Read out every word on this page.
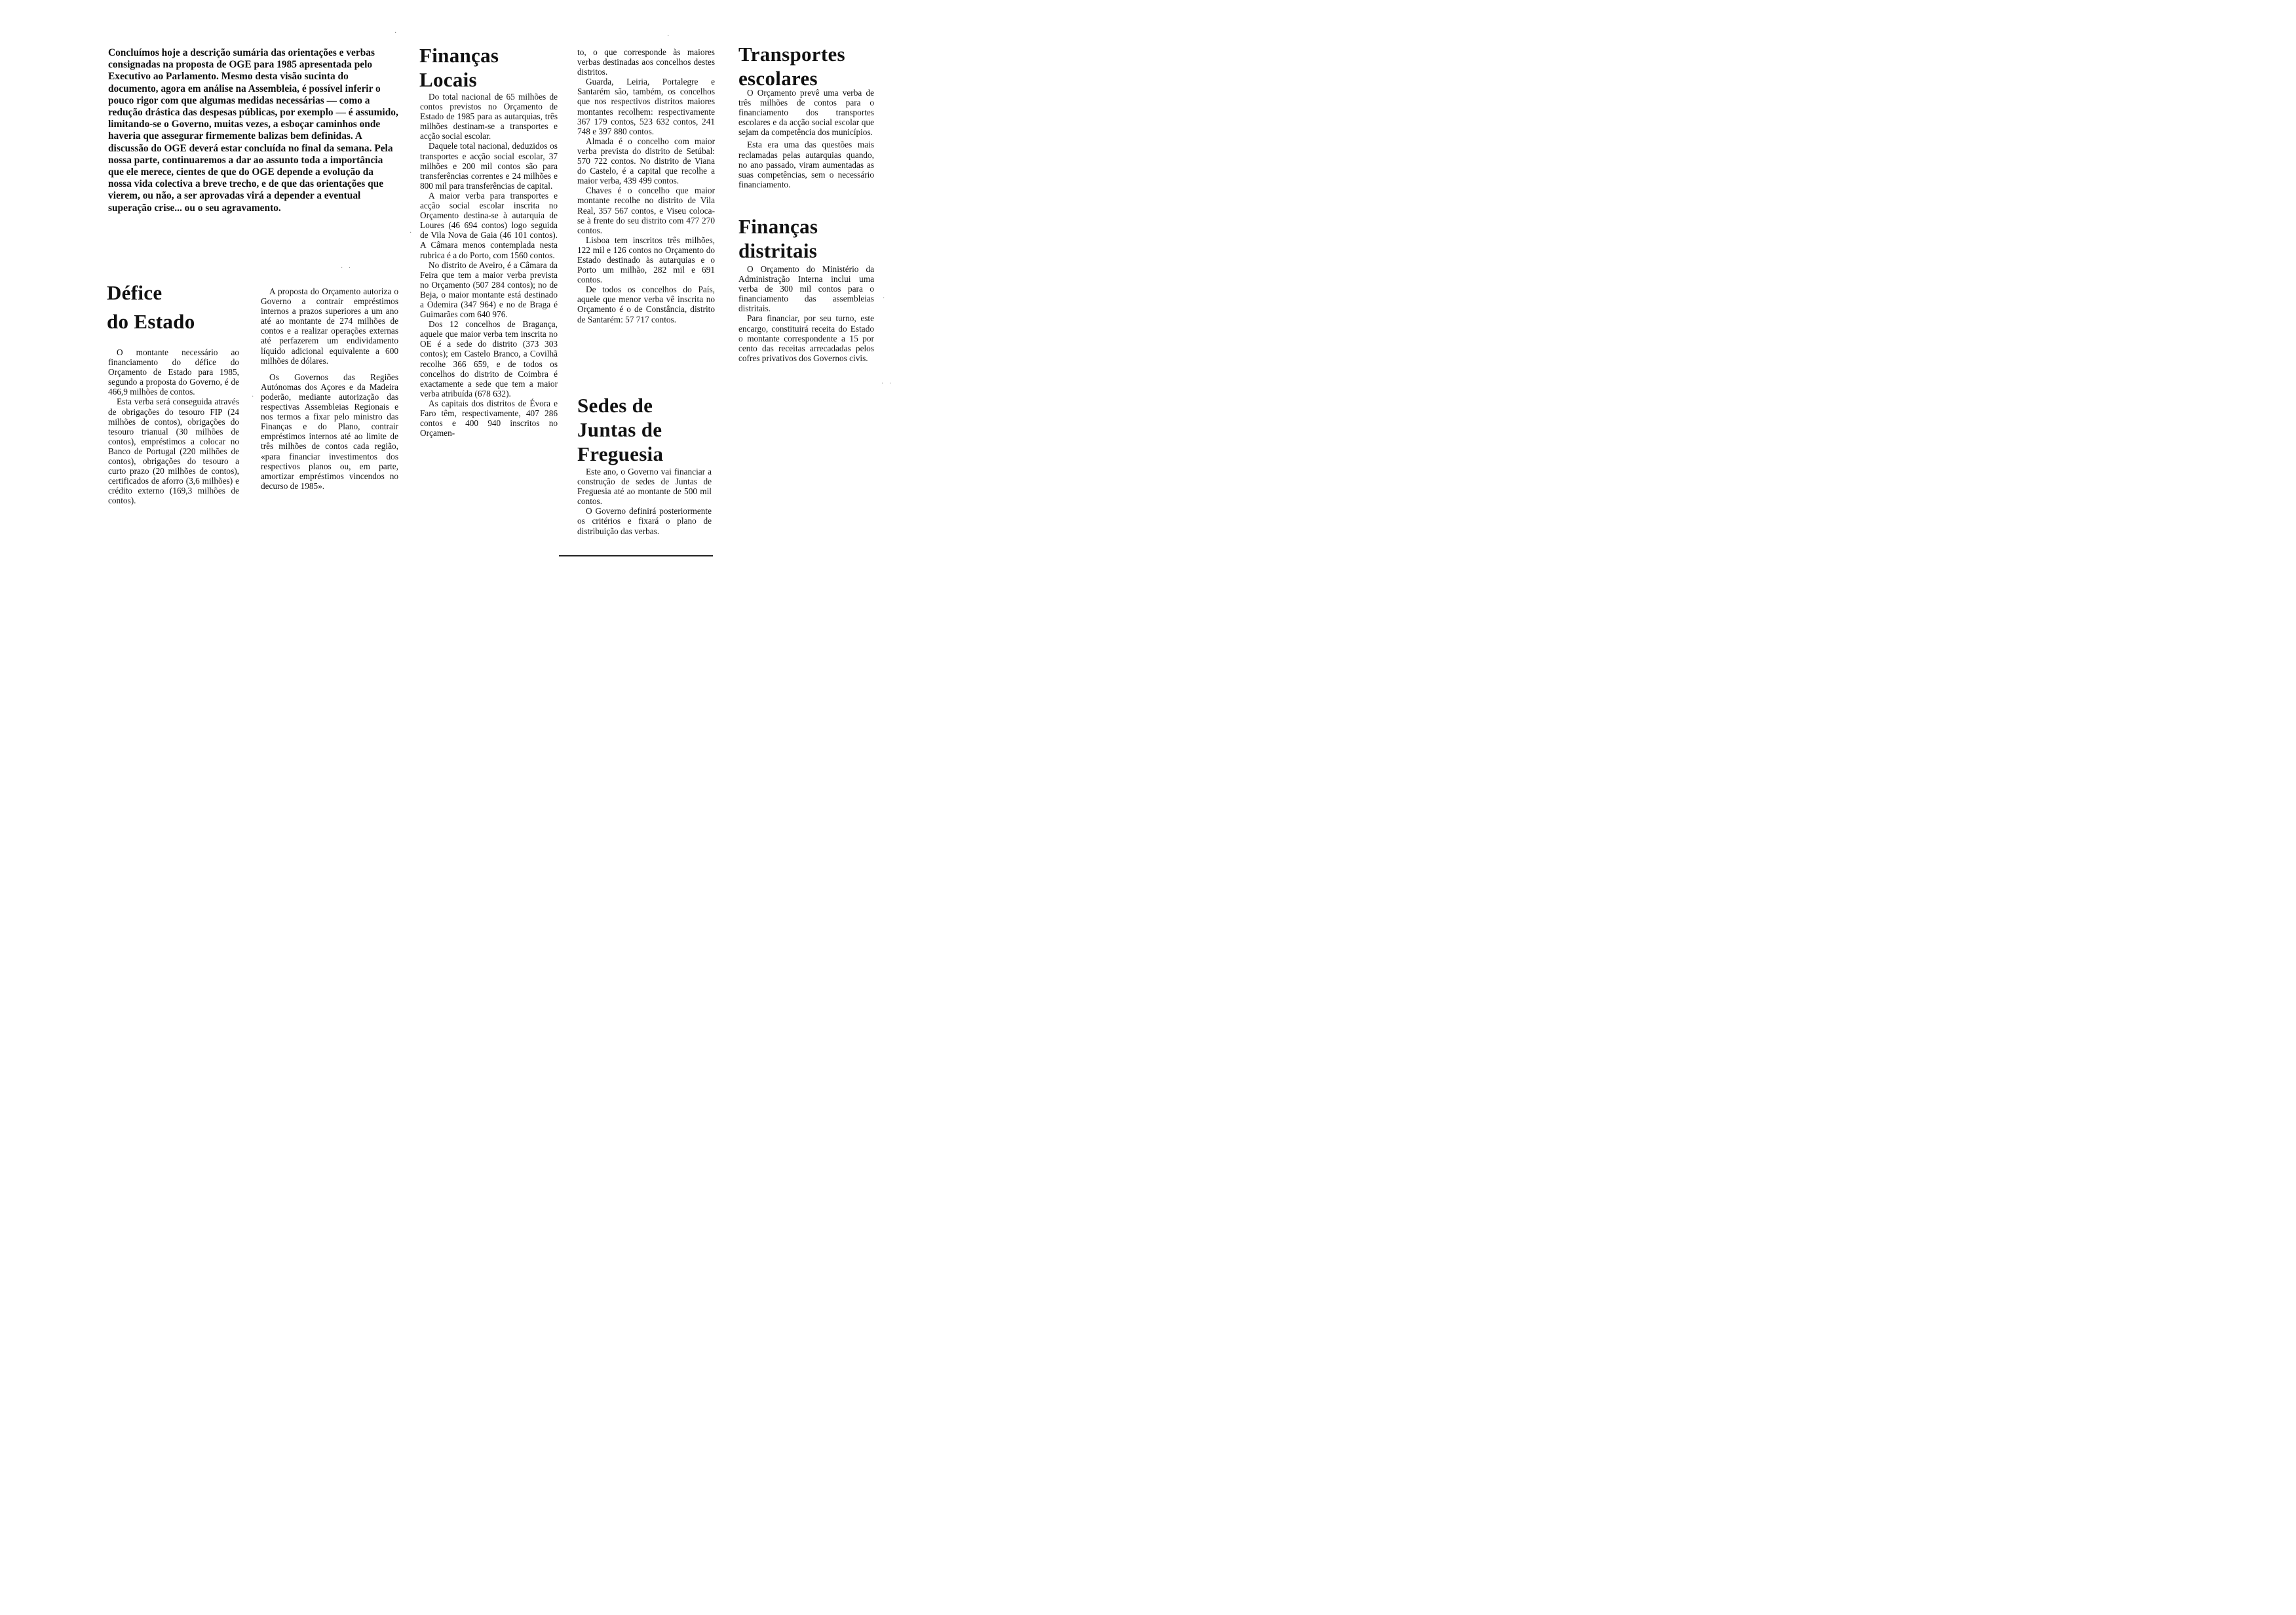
Concluímos hoje a descrição sumária das orientações e verbas consignadas na proposta de OGE para 1985 apresentada pelo Executivo ao Parlamento. Mesmo desta visão sucinta do documento, agora em análise na Assembleia, é possível inferir o pouco rigor com que algumas medidas necessárias — como a redução drástica das despesas públicas, por exemplo — é assumido, limitando-se o Governo, muitas vezes, a esboçar caminhos onde haveria que assegurar firmemente balizas bem definidas. A discussão do OGE deverá estar concluída no final da semana. Pela nossa parte, continuaremos a dar ao assunto toda a importância que ele merece, cientes de que do OGE depende a evolução da nossa vida colectiva a breve trecho, e de que das orientações que vierem, ou não, a ser aprovadas virá a depender a eventual superação crise... ou o seu agravamento.
Défice
do Estado

O montante necessário ao financiamento do défice do Orçamento de Estado para 1985, segundo a proposta do Governo, é de 466,9 milhões de contos.

Esta verba será conseguida através de obrigações do tesouro FIP (24 milhões de contos), obrigações do tesouro trianual (30 milhões de contos), empréstimos a colocar no Banco de Portugal (220 milhões de contos), obrigações do tesouro a curto prazo (20 milhões de contos), certificados de aforro (3,6 milhões) e crédito externo (169,3 milhões de contos).

A proposta do Orçamento autoriza o Governo a contrair empréstimos internos a prazos superiores a um ano até ao montante de 274 milhões de contos e a realizar operações externas até perfazerem um endividamento líquido adicional equivalente a 600 milhões de dólares.

Os Governos das Regiões Autónomas dos Açores e da Madeira poderão, mediante autorização das respectivas Assembleias Regionais e nos termos a fixar pelo ministro das Finanças e do Plano, contrair empréstimos internos até ao limite de três milhões de contos cada região, «para financiar investimentos dos respectivos planos ou, em parte, amortizar empréstimos vincendos no decurso de 1985».

Finanças
Locais

Do total nacional de 65 milhões de contos previstos no Orçamento de Estado de 1985 para as autarquias, três milhões destinam-se a transportes e acção social escolar.

Daquele total nacional, deduzidos os transportes e acção social escolar, 37 milhões e 200 mil contos são para transferências correntes e 24 milhões e 800 mil para transferências de capital.

A maior verba para transportes e acção social escolar inscrita no Orçamento destina-se à autarquia de Loures (46 694 contos) logo seguida de Vila Nova de Gaia (46 101 contos). A Câmara menos contemplada nesta rubrica é a do Porto, com 1560 contos.

No distrito de Aveiro, é a Câmara da Feira que tem a maior verba prevista no Orçamento (507 284 contos); no de Beja, o maior montante está destinado a Odemira (347 964) e no de Braga é Guimarães com 640 976.

Dos 12 concelhos de Bragança, aquele que maior verba tem inscrita no OE é a sede do distrito (373 303 contos); em Castelo Branco, a Covilhã recolhe 366 659, e de todos os concelhos do distrito de Coimbra é exactamente a sede que tem a maior verba atribuída (678 632).

As capitais dos distritos de Évora e Faro têm, respectivamente, 407 286 contos e 400 940 inscritos no Orçamen-

to, o que corresponde às maiores verbas destinadas aos concelhos destes distritos.

Guarda, Leiria, Portalegre e Santarém são, também, os concelhos que nos respectivos distritos maiores montantes recolhem: respectivamente 367 179 contos, 523 632 contos, 241 748 e 397 880 contos.

Almada é o concelho com maior verba prevista do distrito de Setúbal: 570 722 contos. No distrito de Viana do Castelo, é a capital que recolhe a maior verba, 439 499 contos.

Chaves é o concelho que maior montante recolhe no distrito de Vila Real, 357 567 contos, e Viseu coloca-se à frente do seu distrito com 477 270 contos.

Lisboa tem inscritos três milhões, 122 mil e 126 contos no Orçamento do Estado destinado às autarquias e o Porto um milhão, 282 mil e 691 contos.

De todos os concelhos do País, aquele que menor verba vê inscrita no Orçamento é o de Constância, distrito de Santarém: 57 717 contos.

Sedes de
Juntas de
Freguesia

Este ano, o Governo vai financiar a construção de sedes de Juntas de Freguesia até ao montante de 500 mil contos.

O Governo definirá posteriormente os critérios e fixará o plano de distribuição das verbas.

Transportes
escolares

O Orçamento prevê uma verba de três milhões de contos para o financiamento dos transportes escolares e da acção social escolar que sejam da competência dos municípios.

Esta era uma das questões mais reclamadas pelas autarquias quando, no ano passado, viram aumentadas as suas competências, sem o necessário financiamento.

Finanças
distritais

O Orçamento do Ministério da Administração Interna inclui uma verba de 300 mil contos para o financiamento das assembleias distritais.

Para financiar, por seu turno, este encargo, constituirá receita do Estado o montante correspondente a 15 por cento das receitas arrecadadas pelos cofres privativos dos Governos civis.

·	·
· ·
·
·
·
· ·
